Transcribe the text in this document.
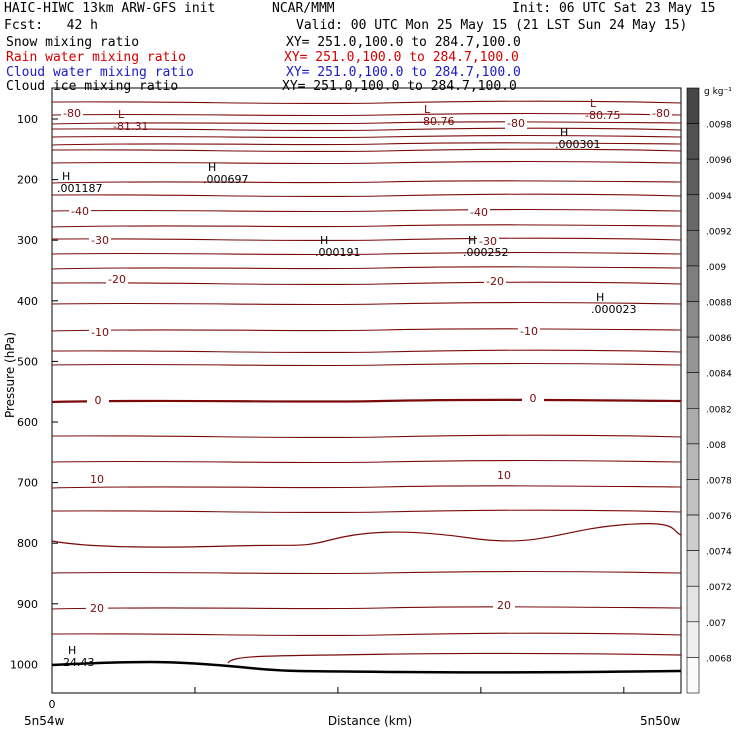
100
200
300
400
500
600
700
800
900
1000
0
-80
-80
-80
-40	-40
-30	-30
-20	-20
-10	-10
0	0
10	10
20	20
L
-81.31
L
-80.76
L
-80.75
H
.000301
H
.001187
H
.000697
H
.000191
H
.000252
H
.000023
H
24.43
.0098
.0096
.0094
.0092
.009
.0088
.0086
.0084
.0082
.008
.0078
.0076
.0074
.0072
.007
.0068
Pressure (hPa)
Distance (km)
5n54w	5n50w
g kg⁻¹
HAIC-HIWC 13km ARW-GFS init	NCAR/MMM	Init: 06 UTC Sat 23 May 15
Fcst:   42 h	Valid: 00 UTC Mon 25 May 15 (21 LST Sun 24 May 15)
Snow mixing ratio	XY= 251.0,100.0 to 284.7,100.0
Rain water mixing ratio	XY= 251.0,100.0 to 284.7,100.0
Cloud water mixing ratio	XY= 251.0,100.0 to 284.7,100.0
Cloud ice mixing ratio	XY= 251.0,100.0 to 284.7,100.0
